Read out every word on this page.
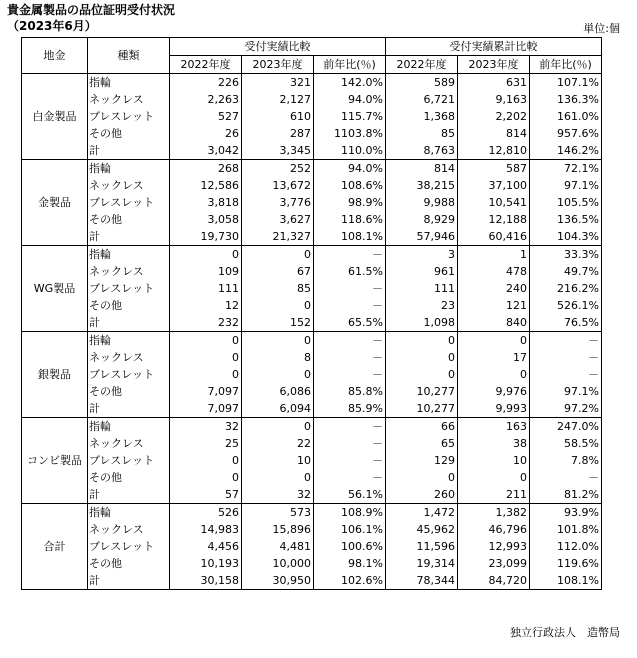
貴金属製品の品位証明受付状況
（2023年6月）	単位:個
地金	種類	受付実績比較			受付実績累計比較		
		2022年度	2023年度	前年比(％)	2022年度	2023年度	前年比(％)
白金製品	指輪	226	321	142.0%	589	631	107.1%
	ネックレス	2,263	2,127	94.0%	6,721	9,163	136.3%
	ブレスレット	527	610	115.7%	1,368	2,202	161.0%
	その他	26	287	1103.8%	85	814	957.6%
	計	3,042	3,345	110.0%	8,763	12,810	146.2%
金製品	指輪	268	252	94.0%	814	587	72.1%
	ネックレス	12,586	13,672	108.6%	38,215	37,100	97.1%
	ブレスレット	3,818	3,776	98.9%	9,988	10,541	105.5%
	その他	3,058	3,627	118.6%	8,929	12,188	136.5%
	計	19,730	21,327	108.1%	57,946	60,416	104.3%
WG製品	指輪	0	0	－	3	1	33.3%
	ネックレス	109	67	61.5%	961	478	49.7%
	ブレスレット	111	85	－	111	240	216.2%
	その他	12	0	－	23	121	526.1%
	計	232	152	65.5%	1,098	840	76.5%
銀製品	指輪	0	0	－	0	0	－
	ネックレス	0	8	－	0	17	－
	ブレスレット	0	0	－	0	0	－
	その他	7,097	6,086	85.8%	10,277	9,976	97.1%
	計	7,097	6,094	85.9%	10,277	9,993	97.2%
コンビ製品	指輪	32	0	－	66	163	247.0%
	ネックレス	25	22	－	65	38	58.5%
	ブレスレット	0	10	－	129	10	7.8%
	その他	0	0	－	0	0	－
	計	57	32	56.1%	260	211	81.2%
合計	指輪	526	573	108.9%	1,472	1,382	93.9%
	ネックレス	14,983	15,896	106.1%	45,962	46,796	101.8%
	ブレスレット	4,456	4,481	100.6%	11,596	12,993	112.0%
	その他	10,193	10,000	98.1%	19,314	23,099	119.6%
	計	30,158	30,950	102.6%	78,344	84,720	108.1%
独立行政法人　造幣局
